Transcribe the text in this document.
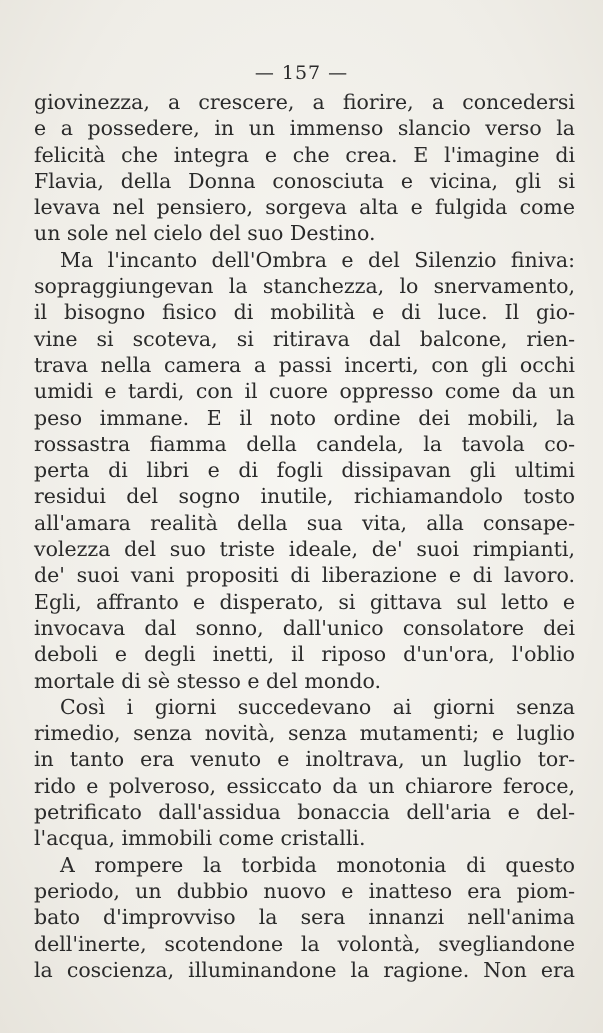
— 157 —
giovinezza, a crescere, a fiorire, a concedersi
e a possedere, in un immenso slancio verso la
felicità che integra e che crea. E l'imagine di
Flavia, della Donna conosciuta e vicina, gli si
levava nel pensiero, sorgeva alta e fulgida come
un sole nel cielo del suo Destino.
Ma l'incanto dell'Ombra e del Silenzio finiva:
sopraggiungevan la stanchezza, lo snervamento,
il bisogno fisico di mobilità e di luce. Il gio-
vine si scoteva, si ritirava dal balcone, rien-
trava nella camera a passi incerti, con gli occhi
umidi e tardi, con il cuore oppresso come da un
peso immane. E il noto ordine dei mobili, la
rossastra fiamma della candela, la tavola co-
perta di libri e di fogli dissipavan gli ultimi
residui del sogno inutile, richiamandolo tosto
all'amara realità della sua vita, alla consape-
volezza del suo triste ideale, de' suoi rimpianti,
de' suoi vani propositi di liberazione e di lavoro.
Egli, affranto e disperato, si gittava sul letto e
invocava dal sonno, dall'unico consolatore dei
deboli e degli inetti, il riposo d'un'ora, l'oblio
mortale di sè stesso e del mondo.
Così i giorni succedevano ai giorni senza
rimedio, senza novità, senza mutamenti; e luglio
in tanto era venuto e inoltrava, un luglio tor-
rido e polveroso, essiccato da un chiarore feroce,
petrificato dall'assidua bonaccia dell'aria e del-
l'acqua, immobili come cristalli.
A rompere la torbida monotonia di questo
periodo, un dubbio nuovo e inatteso era piom-
bato d'improvviso la sera innanzi nell'anima
dell'inerte, scotendone la volontà, svegliandone
la coscienza, illuminandone la ragione. Non era
